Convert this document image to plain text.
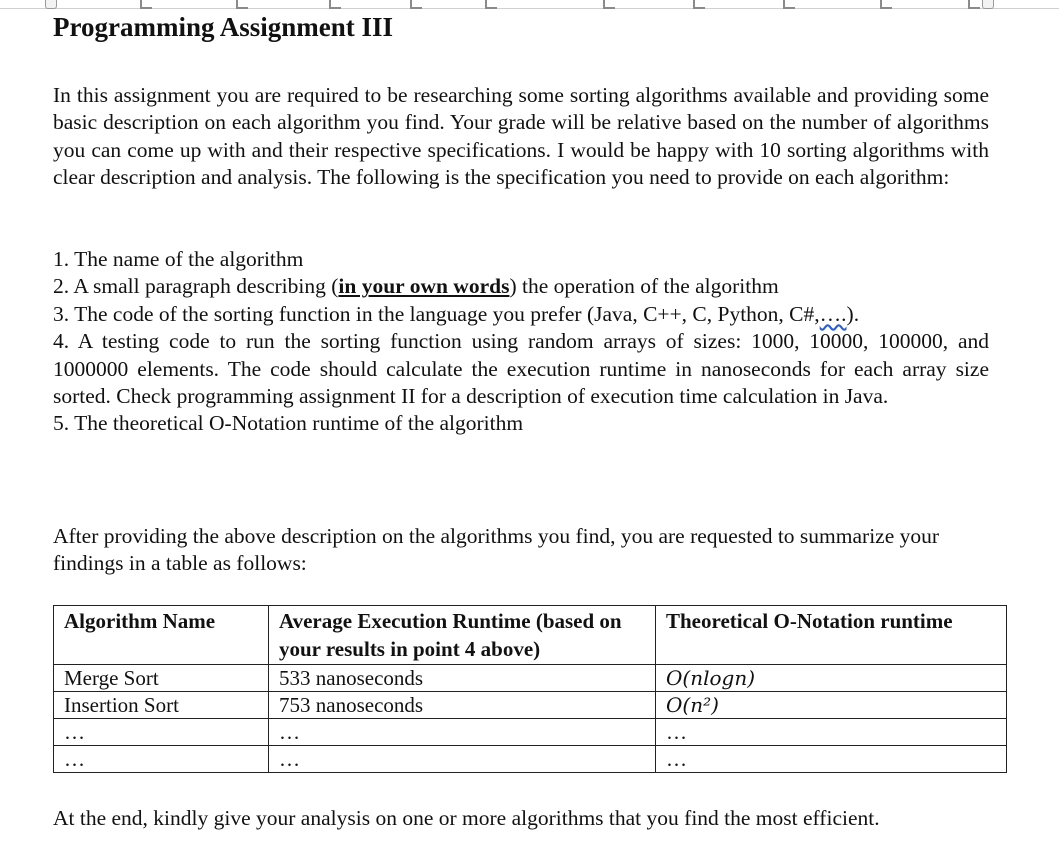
Programming Assignment III

In this assignment you are required to be researching some sorting algorithms available and providing some basic description on each algorithm you find. Your grade will be relative based on the number of algorithms you can come up with and their respective specifications. I would be happy with 10 sorting algorithms with clear description and analysis. The following is the specification you need to provide on each algorithm:

1. The name of the algorithm
2. A small paragraph describing (in your own words) the operation of the algorithm
3. The code of the sorting function in the language you prefer (Java, C++, C, Python, C#,….).
4. A testing code to run the sorting function using random arrays of sizes: 1000, 10000, 100000, and 1000000 elements. The code should calculate the execution runtime in nanoseconds for each array size sorted. Check programming assignment II for a description of execution time calculation in Java.
5. The theoretical O-Notation runtime of the algorithm

After providing the above description on the algorithms you find, you are requested to summarize your findings in a table as follows:

Algorithm Name	Average Execution Runtime (based on your results in point 4 above)	Theoretical O-Notation runtime
Merge Sort	533 nanoseconds	O(nlogn)
Insertion Sort	753 nanoseconds	O(n²)
…	…	…
…	…	…

At the end, kindly give your analysis on one or more algorithms that you find the most efficient.
